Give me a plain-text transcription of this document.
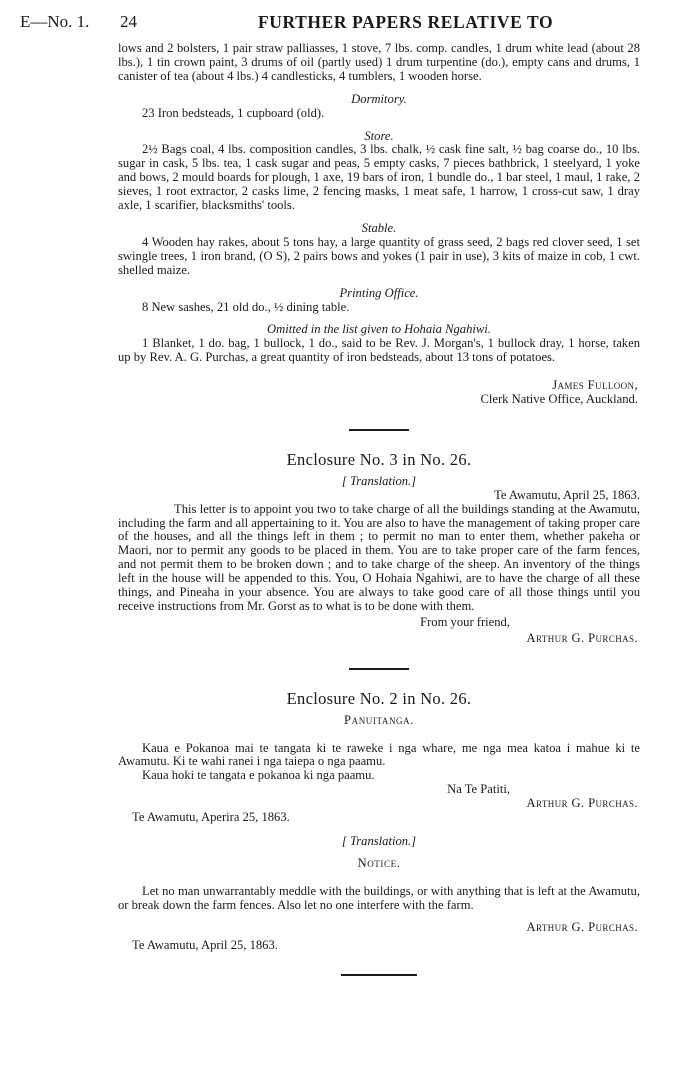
E—No. 1. 24	FURTHER PAPERS RELATIVE TO

lows and 2 bolsters, 1 pair straw palliasses, 1 stove, 7 lbs. comp. candles, 1 drum white lead (about 28 lbs.), 1 tin crown paint, 3 drums of oil (partly used) 1 drum turpentine (do.), empty cans and drums, 1 canister of tea (about 4 lbs.) 4 candlesticks, 4 tumblers, 1 wooden horse.

Dormitory.

23 Iron bedsteads, 1 cupboard (old).

Store.

2½ Bags coal, 4 lbs. composition candles, 3 lbs. chalk, ½ cask fine salt, ½ bag coarse do., 10 lbs. sugar in cask, 5 lbs. tea, 1 cask sugar and peas, 5 empty casks, 7 pieces bathbrick, 1 steelyard, 1 yoke and bows, 2 mould boards for plough, 1 axe, 19 bars of iron, 1 bundle do., 1 bar steel, 1 maul, 1 rake, 2 sieves, 1 root extractor, 2 casks lime, 2 fencing masks, 1 meat safe, 1 harrow, 1 cross-cut saw, 1 dray axle, 1 scarifier, blacksmiths' tools.

Stable.

4 Wooden hay rakes, about 5 tons hay, a large quantity of grass seed, 2 bags red clover seed, 1 set swingle trees, 1 iron brand, (O S), 2 pairs bows and yokes (1 pair in use), 3 kits of maize in cob, 1 cwt. shelled maize.

Printing Office.

8 New sashes, 21 old do., ½ dining table.

Omitted in the list given to Hohaia Ngahiwi.

1 Blanket, 1 do. bag, 1 bullock, 1 do., said to be Rev. J. Morgan's, 1 bullock dray, 1 horse, taken up by Rev. A. G. Purchas, a great quantity of iron bedsteads, about 13 tons of potatoes.

James Fulloon,
Clerk Native Office, Auckland.
Enclosure No. 3 in No. 26.
[ Translation.]
Te Awamutu, April 25, 1863.

This letter is to appoint you two to take charge of all the buildings standing at the Awamutu, including the farm and all appertaining to it. You are also to have the management of taking proper care of the houses, and all the things left in them ; to permit no man to enter them, whether pakeha or Maori, nor to permit any goods to be placed in them. You are to take proper care of the farm fences, and not permit them to be broken down ; and to take charge of the sheep. An inventory of the things left in the house will be appended to this. You, O Hohaia Ngahiwi, are to have the charge of all these things, and Pineaha in your absence. You are always to take good care of all those things until you receive instructions from Mr. Gorst as to what is to be done with them.

From your friend,
Arthur G. Purchas.
Enclosure No. 2 in No. 26.
Panuitanga.

Kaua e Pokanoa mai te tangata ki te raweke i nga whare, me nga mea katoa i mahue ki te Awamutu. Ki te wahi ranei i nga taiepa o nga paamu.

Kaua hoki te tangata e pokanoa ki nga paamu.

Na Te Patiti,
Arthur G. Purchas.
Te Awamutu, Aperira 25, 1863.
[ Translation.]
Notice.

Let no man unwarrantably meddle with the buildings, or with anything that is left at the Awamutu, or break down the farm fences. Also let no one interfere with the farm.

Arthur G. Purchas.
Te Awamutu, April 25, 1863.
